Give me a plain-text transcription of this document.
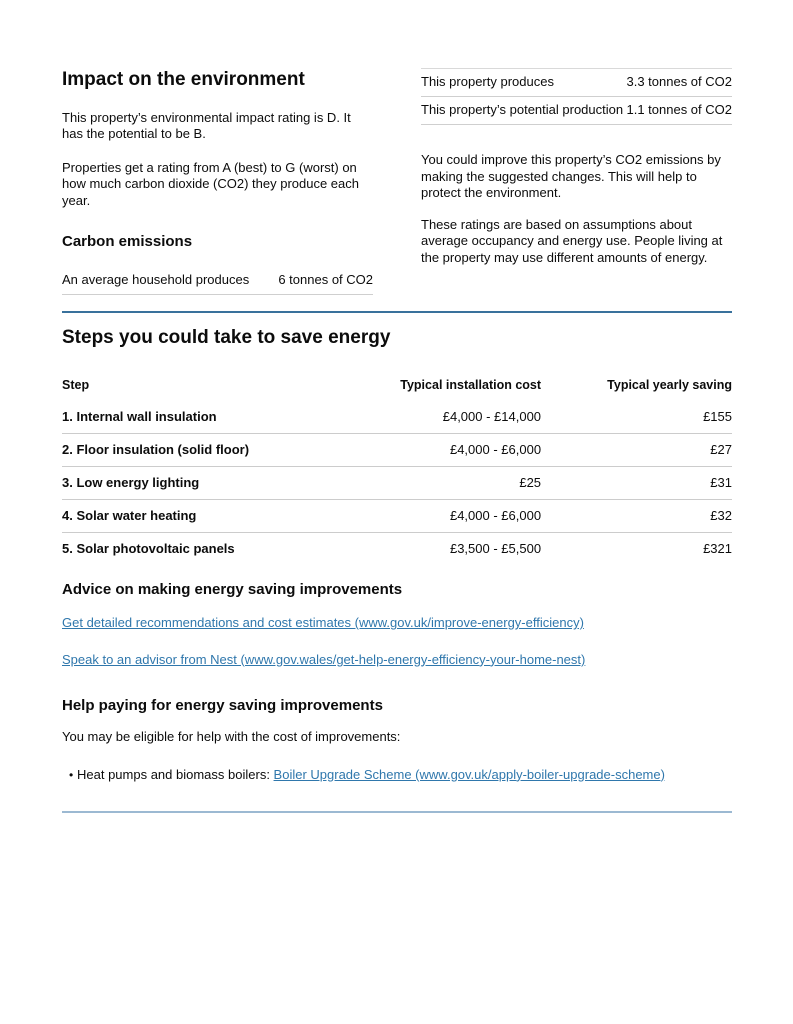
Impact on the environment

This property’s environmental impact rating is D. It has the potential to be B.

Properties get a rating from A (best) to G (worst) on how much carbon dioxide (CO2) they produce each year.

Carbon emissions
An average household produces	6 tonnes of CO2
This property produces	3.3 tonnes of CO2
This property’s potential production	1.1 tonnes of CO2

You could improve this property’s CO2 emissions by making the suggested changes. This will help to protect the environment.

These ratings are based on assumptions about average occupancy and energy use. People living at the property may use different amounts of energy.

Steps you could take to save energy
Step	Typical installation cost	Typical yearly saving
1. Internal wall insulation	£4,000 - £14,000	£155
2. Floor insulation (solid floor)	£4,000 - £6,000	£27
3. Low energy lighting	£25	£31
4. Solar water heating	£4,000 - £6,000	£32
5. Solar photovoltaic panels	£3,500 - £5,500	£321
Advice on making energy saving improvements

Get detailed recommendations and cost estimates (www.gov.uk/improve-energy-efficiency)

Speak to an advisor from Nest (www.gov.wales/get-help-energy-efficiency-your-home-nest)

Help paying for energy saving improvements

You may be eligible for help with the cost of improvements:

• Heat pumps and biomass boilers: Boiler Upgrade Scheme (www.gov.uk/apply-boiler-upgrade-scheme)
